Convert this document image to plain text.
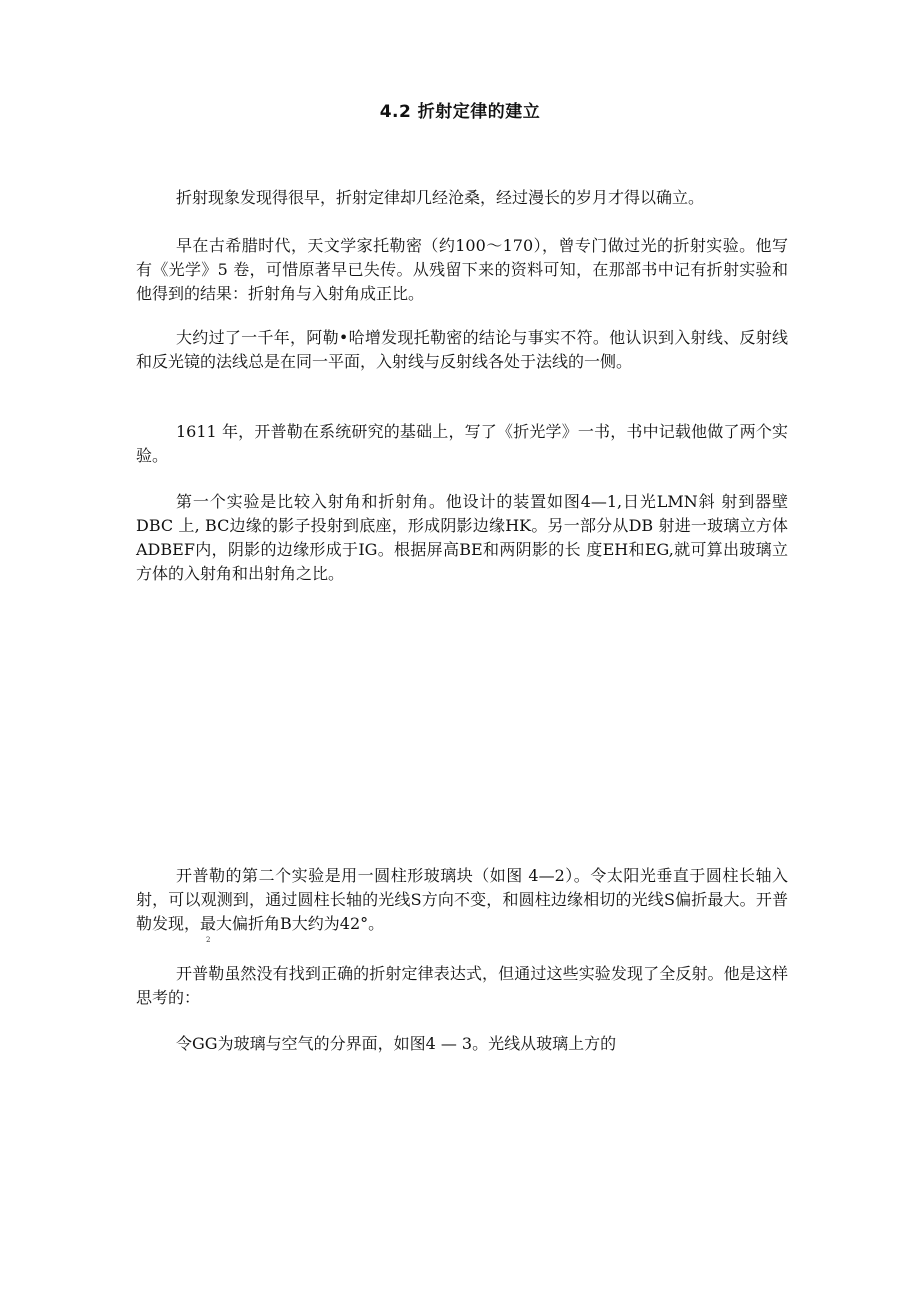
4.2 折射定律的建立

折射现象发现得很早，折射定律却几经沧桑，经过漫长的岁月才得以确立。

早在古希腊时代，天文学家托勒密（约100～170），曾专门做过光的折射实验。他写有《光学》5 卷，可惜原著早已失传。从残留下来的资料可知，在那部书中记有折射实验和他得到的结果：折射角与入射角成正比。

大约过了一千年，阿勒•哈增发现托勒密的结论与事实不符。他认识到入射线、反射线和反光镜的法线总是在同一平面，入射线与反射线各处于法线的一侧。

1611 年，开普勒在系统研究的基础上，写了《折光学》一书，书中记载他做了两个实验。

第一个实验是比较入射角和折射角。他设计的装置如图4—1,日光LMN斜 射到器壁DBC 上, BC边缘的影子投射到底座，形成阴影边缘HK。另一部分从DB 射进一玻璃立方体ADBEF内，阴影的边缘形成于IG。根据屏高BE和两阴影的长 度EH和EG,就可算出玻璃立方体的入射角和出射角之比。

开普勒的第二个实验是用一圆柱形玻璃块（如图 4—2）。令太阳光垂直于圆柱长轴入射，可以观测到，通过圆柱长轴的光线S方向不变，和圆柱边缘相切的光线S偏折最大。开普勒发现，最大偏折角B大约为42°。

2

开普勒虽然没有找到正确的折射定律表达式，但通过这些实验发现了全反射。他是这样思考的：

令GG为玻璃与空气的分界面，如图4 — 3。光线从玻璃上方的
